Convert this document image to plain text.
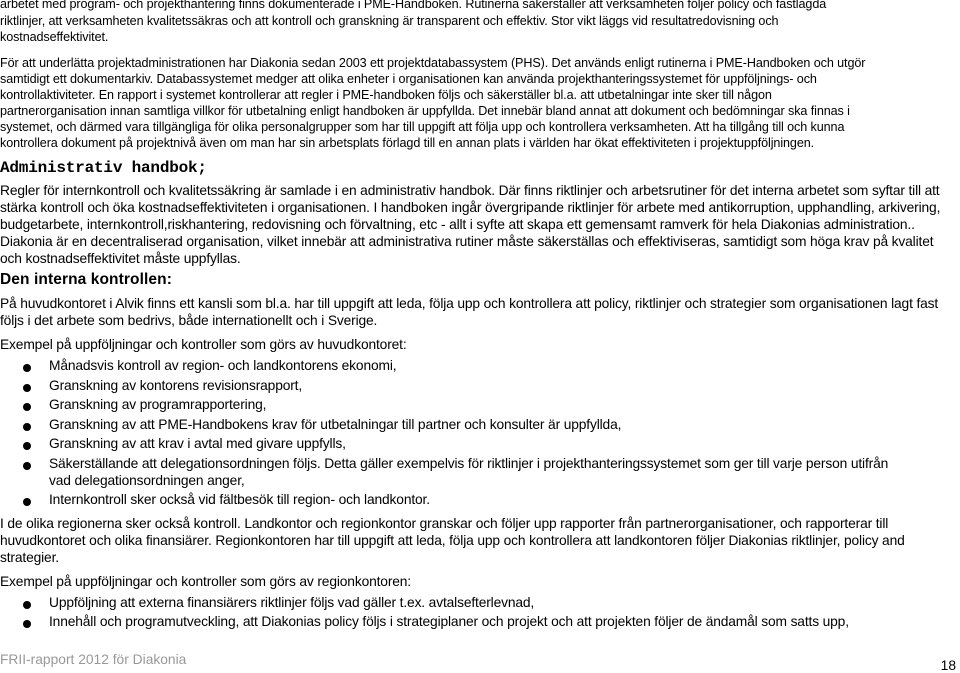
arbetet med program- och projekthantering finns dokumenterade i PME-Handboken. Rutinerna säkerställer att verksamheten följer policy och fastlagda

riktlinjer, att verksamheten kvalitetssäkras och att kontroll och granskning är transparent och effektiv. Stor vikt läggs vid resultatredovisning och

kostnadseffektivitet.

För att underlätta projektadministrationen har Diakonia sedan 2003 ett projektdatabassystem (PHS). Det används enligt rutinerna i PME-Handboken och utgör

samtidigt ett dokumentarkiv. Databassystemet medger att olika enheter i organisationen kan använda projekthanteringssystemet för uppföljnings- och

kontrollaktiviteter. En rapport i systemet kontrollerar att regler i PME-handboken följs och säkerställer bl.a. att utbetalningar inte sker till någon

partnerorganisation innan samtliga villkor för utbetalning enligt handboken är uppfyllda. Det innebär bland annat att dokument och bedömningar ska finnas i

systemet, och därmed vara tillgängliga för olika personalgrupper som har till uppgift att följa upp och kontrollera verksamheten. Att ha tillgång till och kunna

kontrollera dokument på projektnivå även om man har sin arbetsplats förlagd till en annan plats i världen har ökat effektiviteten i projektuppföljningen.

Administrativ handbok;

Regler för internkontroll och kvalitetssäkring är samlade i en administrativ handbok. Där finns riktlinjer och arbetsrutiner för det interna arbetet som syftar till att

stärka kontroll och öka kostnadseffektiviteten i organisationen. I handboken ingår övergripande riktlinjer för arbete med antikorruption, upphandling, arkivering,

budgetarbete, internkontroll,riskhantering, redovisning och förvaltning, etc - allt i syfte att skapa ett gemensamt ramverk för hela Diakonias administration..

Diakonia är en decentraliserad organisation, vilket innebär att administrativa rutiner måste säkerställas och effektiviseras, samtidigt som höga krav på kvalitet

och kostnadseffektivitet måste uppfyllas.

Den interna kontrollen:

På huvudkontoret i Alvik finns ett kansli som bl.a. har till uppgift att leda, följa upp och kontrollera att policy, riktlinjer och strategier som organisationen lagt fast

följs i det arbete som bedrivs, både internationellt och i Sverige.

Exempel på uppföljningar och kontroller som görs av huvudkontoret:

Månadsvis kontroll av region- och landkontorens ekonomi,
Granskning av kontorens revisionsrapport,
Granskning av programrapportering,
Granskning av att PME-Handbokens krav för utbetalningar till partner och konsulter är uppfyllda,
Granskning av att krav i avtal med givare uppfylls,
Säkerställande att delegationsordningen följs. Detta gäller exempelvis för riktlinjer i projekthanteringssystemet som ger till varje person utifrån
vad delegationsordningen anger,
Internkontroll sker också vid fältbesök till region- och landkontor.

I de olika regionerna sker också kontroll. Landkontor och regionkontor granskar och följer upp rapporter från partnerorganisationer, och rapporterar till

huvudkontoret och olika finansiärer. Regionkontoren har till uppgift att leda, följa upp och kontrollera att landkontoren följer Diakonias riktlinjer, policy and

strategier.

Exempel på uppföljningar och kontroller som görs av regionkontoren:

Uppföljning att externa finansiärers riktlinjer följs vad gäller t.ex. avtalsefterlevnad,
Innehåll och programutveckling, att Diakonias policy följs i strategiplaner och projekt och att projekten följer de ändamål som satts upp,
FRII-rapport 2012 för Diakonia	18
